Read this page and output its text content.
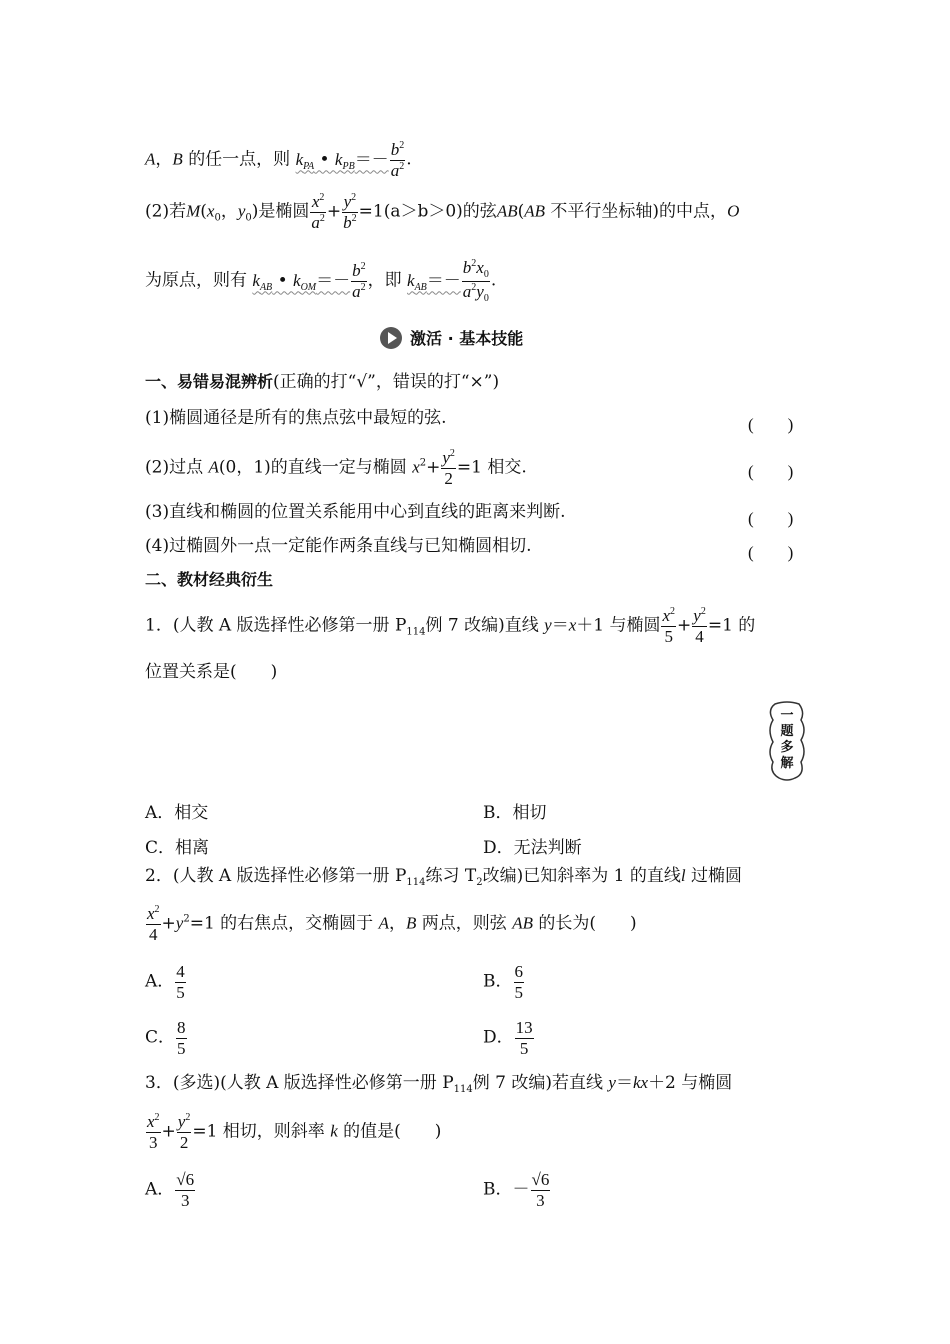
A，B 的任一点，则 $k_{PA}$ • $k_{PB}=- \frac{b^2}{a^2}$ .
(2)若$M(x_0$，$y_0$)是椭圆 $\frac{x^2}{a^2} + \frac{y^2}{b^2} =1(a>b>0)$的弦AB(AB 不平行坐标轴)的中点，O
为原点，则有 $k_{AB}$ • $k_{OM}=- \frac{b^2}{a^2}$ ，即 $k_{AB}=- \frac{b^2x_0}{a^2y_0}$ .
激活 · 基本技能
一、易错易混辨析(正确的打“√”，错误的打“×”)
(1)椭圆通径是所有的焦点弦中最短的弦.	(　　)
(2)过点 A(0，1)的直线一定与椭圆 $x^2+ \frac{y^2}{2} =1$ 相交.	(　　)
(3)直线和椭圆的位置关系能用中心到直线的距离来判断.	(　　)
(4)过椭圆外一点一定能作两条直线与已知椭圆相切.	(　　)
二、教材经典衍生
1．(人教 A 版选择性必修第一册 $P_{114}$例 7 改编)直线 y＝x＋1 与椭圆 $\frac{x^2}{5} + \frac{y^2}{4} =1$ 的
位置关系是(　　)
一
题
多
解
A．相交	B．相切
C．相离	D．无法判断
2．(人教 A 版选择性必修第一册 $P_{114}$练习 $T_2$改编)已知斜率为 1 的直线l 过椭圆
$\frac{x^2}{4} +y^2=1$ 的右焦点，交椭圆于 A，B 两点，则弦 AB 的长为(　　)
A． $\frac{4}{5}$	B． $\frac{6}{5}$
C． $\frac{8}{5}$	D． $\frac{13}{5}$
3．(多选)(人教 A 版选择性必修第一册 $P_{114}$例 7 改编)若直线 y＝kx＋2 与椭圆
$\frac{x^2}{3} + \frac{y^2}{2} =1$ 相切，则斜率 k 的值是(　　)
A． $\frac{√6}{3}$	B．－ $\frac{√6}{3}$
